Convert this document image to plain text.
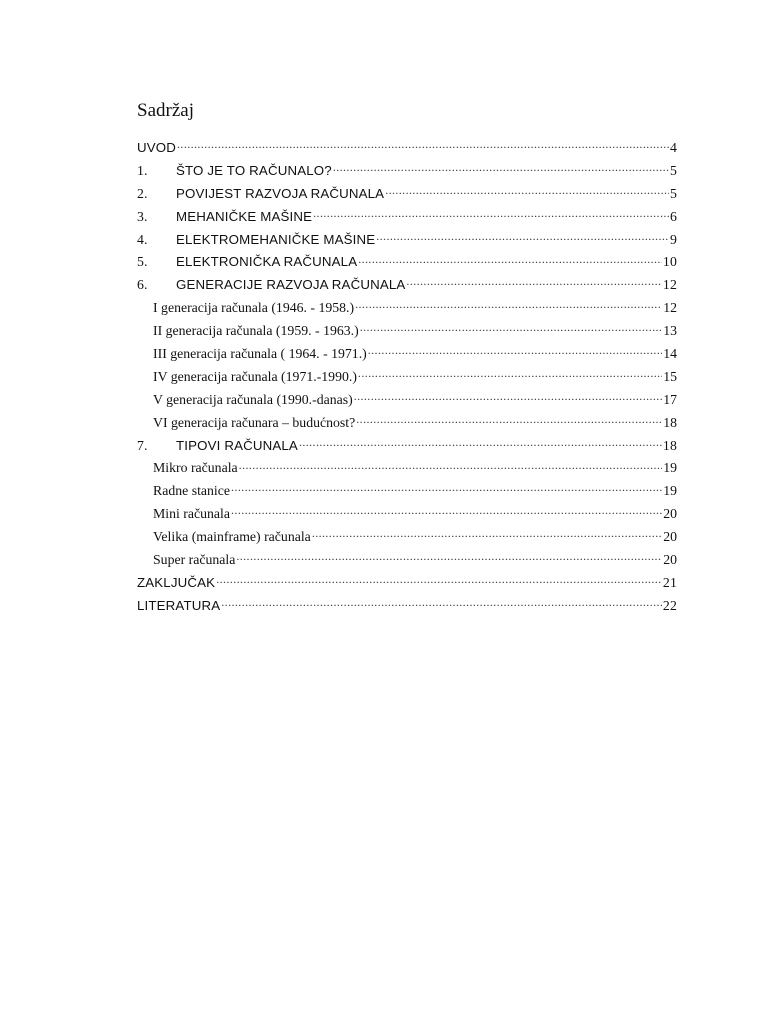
Sadržaj
UVOD .....	4
1.	ŠTO JE TO RAČUNALO? .....	5
2.	POVIJEST RAZVOJA RAČUNALA .....	5
3.	MEHANIČKE MAŠINE .....	6
4.	ELEKTROMEHANIČKE MAŠINE .....	9
5.	ELEKTRONIČKA RAČUNALA .....	10
6.	GENERACIJE RAZVOJA RAČUNALA .....	12
I generacija računala (1946. - 1958.) .....	12
II generacija računala (1959. - 1963.) .....	13
III generacija računala ( 1964. - 1971.) .....	14
IV generacija računala (1971.-1990.) .....	15
V generacija računala (1990.-danas) .....	17
VI generacija računara – budućnost? .....	18
7.	TIPOVI RAČUNALA .....	18
Mikro računala .....	19
Radne stanice .....	19
Mini računala .....	20
Velika (mainframe) računala .....	20
Super računala .....	20
ZAKLJUČAK .....	21
LITERATURA .....	22
